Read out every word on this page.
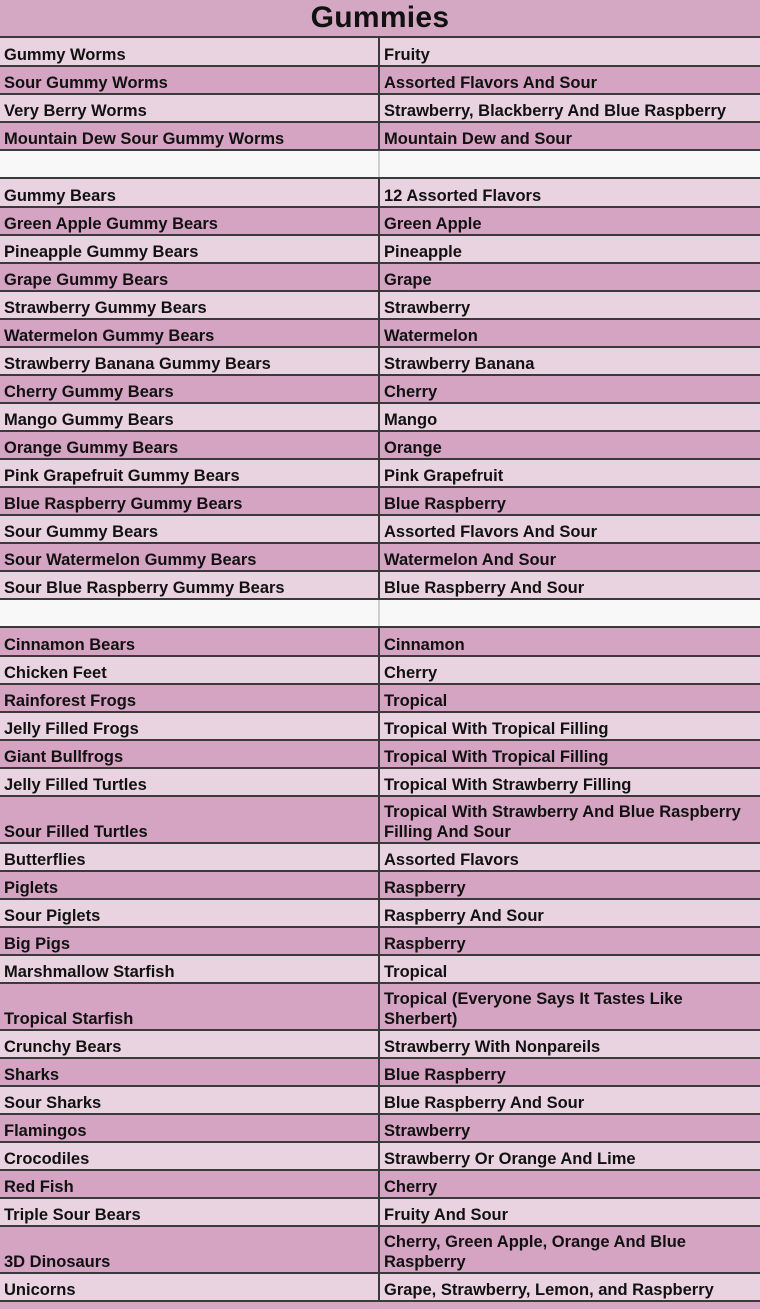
Gummies
Gummy Worms	Fruity
Sour Gummy Worms	Assorted Flavors And Sour
Very Berry Worms	Strawberry, Blackberry And Blue Raspberry
Mountain Dew Sour Gummy Worms	Mountain Dew and Sour

Gummy Bears	12 Assorted Flavors
Green Apple Gummy Bears	Green Apple
Pineapple Gummy Bears	Pineapple
Grape Gummy Bears	Grape
Strawberry Gummy Bears	Strawberry
Watermelon Gummy Bears	Watermelon
Strawberry Banana Gummy Bears	Strawberry Banana
Cherry Gummy Bears	Cherry
Mango Gummy Bears	Mango
Orange Gummy Bears	Orange
Pink Grapefruit Gummy Bears	Pink Grapefruit
Blue Raspberry Gummy Bears	Blue Raspberry
Sour Gummy Bears	Assorted Flavors And Sour
Sour Watermelon Gummy Bears	Watermelon And Sour
Sour Blue Raspberry Gummy Bears	Blue Raspberry And Sour

Cinnamon Bears	Cinnamon
Chicken Feet	Cherry
Rainforest Frogs	Tropical
Jelly Filled Frogs	Tropical With Tropical Filling
Giant Bullfrogs	Tropical With Tropical Filling
Jelly Filled Turtles	Tropical With Strawberry Filling
Sour Filled Turtles	Tropical With Strawberry And Blue Raspberry Filling And Sour
Butterflies	Assorted Flavors
Piglets	Raspberry
Sour Piglets	Raspberry And Sour
Big Pigs	Raspberry
Marshmallow Starfish	Tropical
Tropical Starfish	Tropical (Everyone Says It Tastes Like Sherbert)
Crunchy Bears	Strawberry With Nonpareils
Sharks	Blue Raspberry
Sour Sharks	Blue Raspberry And Sour
Flamingos	Strawberry
Crocodiles	Strawberry Or Orange And Lime
Red Fish	Cherry
Triple Sour Bears	Fruity And Sour
3D Dinosaurs	Cherry, Green Apple, Orange And Blue Raspberry
Unicorns	Grape, Strawberry, Lemon, and Raspberry
